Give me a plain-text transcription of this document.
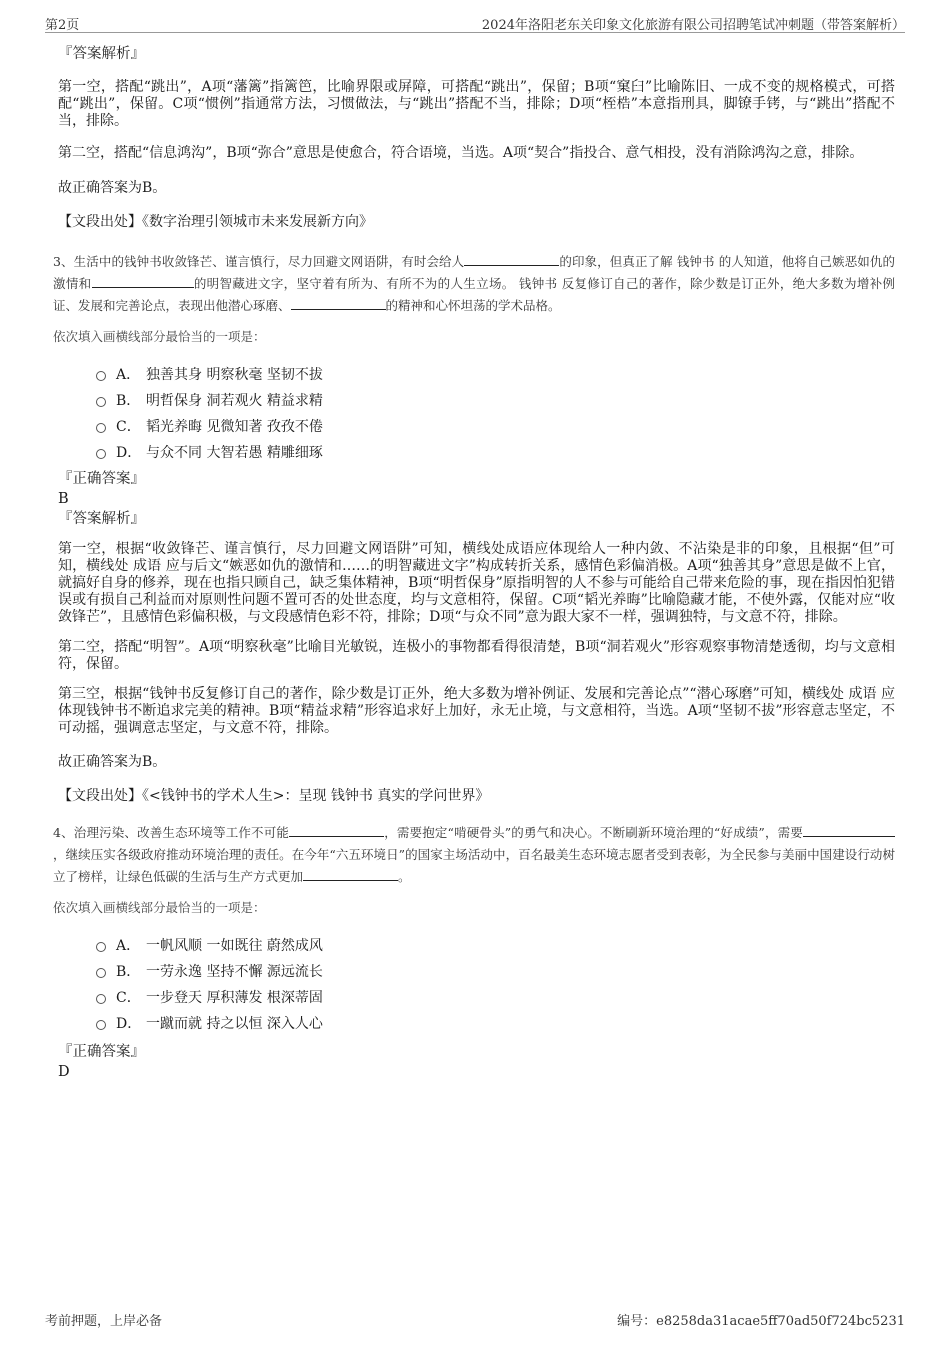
第2页	2024年洛阳老东关印象文化旅游有限公司招聘笔试冲刺题（带答案解析）

『答案解析』

第一空，搭配“跳出”，A项“藩篱”指篱笆，比喻界限或屏障，可搭配“跳出”，保留；B项“窠臼”比喻陈旧、一成不变的规格模式，可搭配“跳出”，保留。C项“惯例”指通常方法，习惯做法，与“跳出”搭配不当，排除；D项“桎梏”本意指刑具，脚镣手铐，与“跳出”搭配不当，排除。

第二空，搭配“信息鸿沟”，B项“弥合”意思是使愈合，符合语境，当选。A项“契合”指投合、意气相投，没有消除鸿沟之意，排除。

故正确答案为B。

【文段出处】《数字治理引领城市未来发展新方向》

3、生活中的钱钟书收敛锋芒、谨言慎行，尽力回避文网语阱，有时会给人	的印象，但真正了解 钱钟书 的人知道，他将自己嫉恶如仇的激情和	的明智藏进文字，坚守着有所为、有所不为的人生立场。 钱钟书 反复修订自己的著作，除少数是订正外，绝大多数为增补例证、发展和完善论点，表现出他潜心琢磨、	的精神和心怀坦荡的学术品格。

依次填入画横线部分最恰当的一项是：

A． 独善其身 明察秋毫 坚韧不拔
B． 明哲保身 洞若观火 精益求精
C． 韬光养晦 见微知著 孜孜不倦
D． 与众不同 大智若愚 精雕细琢

『正确答案』

B

『答案解析』

第一空，根据“收敛锋芒、谨言慎行，尽力回避文网语阱”可知，横线处成语应体现给人一种内敛、不沾染是非的印象，且根据“但”可知，横线处 成语 应与后文“嫉恶如仇的激情和……的明智藏进文字”构成转折关系，感情色彩偏消极。A项“独善其身”意思是做不上官，就搞好自身的修养，现在也指只顾自己，缺乏集体精神，B项“明哲保身”原指明智的人不参与可能给自己带来危险的事，现在指因怕犯错误或有损自己利益而对原则性问题不置可否的处世态度，均与文意相符，保留。C项“韬光养晦”比喻隐藏才能，不使外露，仅能对应“收敛锋芒”，且感情色彩偏积极，与文段感情色彩不符，排除；D项“与众不同”意为跟大家不一样，强调独特，与文意不符，排除。

第二空，搭配“明智”。A项“明察秋毫”比喻目光敏锐，连极小的事物都看得很清楚，B项“洞若观火”形容观察事物清楚透彻，均与文意相符，保留。

第三空，根据“钱钟书反复修订自己的著作，除少数是订正外，绝大多数为增补例证、发展和完善论点”“潜心琢磨”可知，横线处 成语 应体现钱钟书不断追求完美的精神。B项“精益求精”形容追求好上加好，永无止境，与文意相符，当选。A项“坚韧不拔”形容意志坚定，不可动摇，强调意志坚定，与文意不符，排除。

故正确答案为B。

【文段出处】《<钱钟书的学术人生>：呈现 钱钟书 真实的学问世界》

4、治理污染、改善生态环境等工作不可能	，需要抱定“啃硬骨头”的勇气和决心。不断刷新环境治理的“好成绩”，需要，继续压实各级政府推动环境治理的责任。在今年“六五环境日”的国家主场活动中，百名最美生态环境志愿者受到表彰，为全民参与美丽中国建设行动树立了榜样，让绿色低碳的生活与生产方式更加	。

依次填入画横线部分最恰当的一项是：

A． 一帆风顺 一如既往 蔚然成风
B． 一劳永逸 坚持不懈 源远流长
C． 一步登天 厚积薄发 根深蒂固
D． 一蹴而就 持之以恒 深入人心

『正确答案』

D

考前押题，上岸必备	编号：e8258da31acae5ff70ad50f724bc5231
